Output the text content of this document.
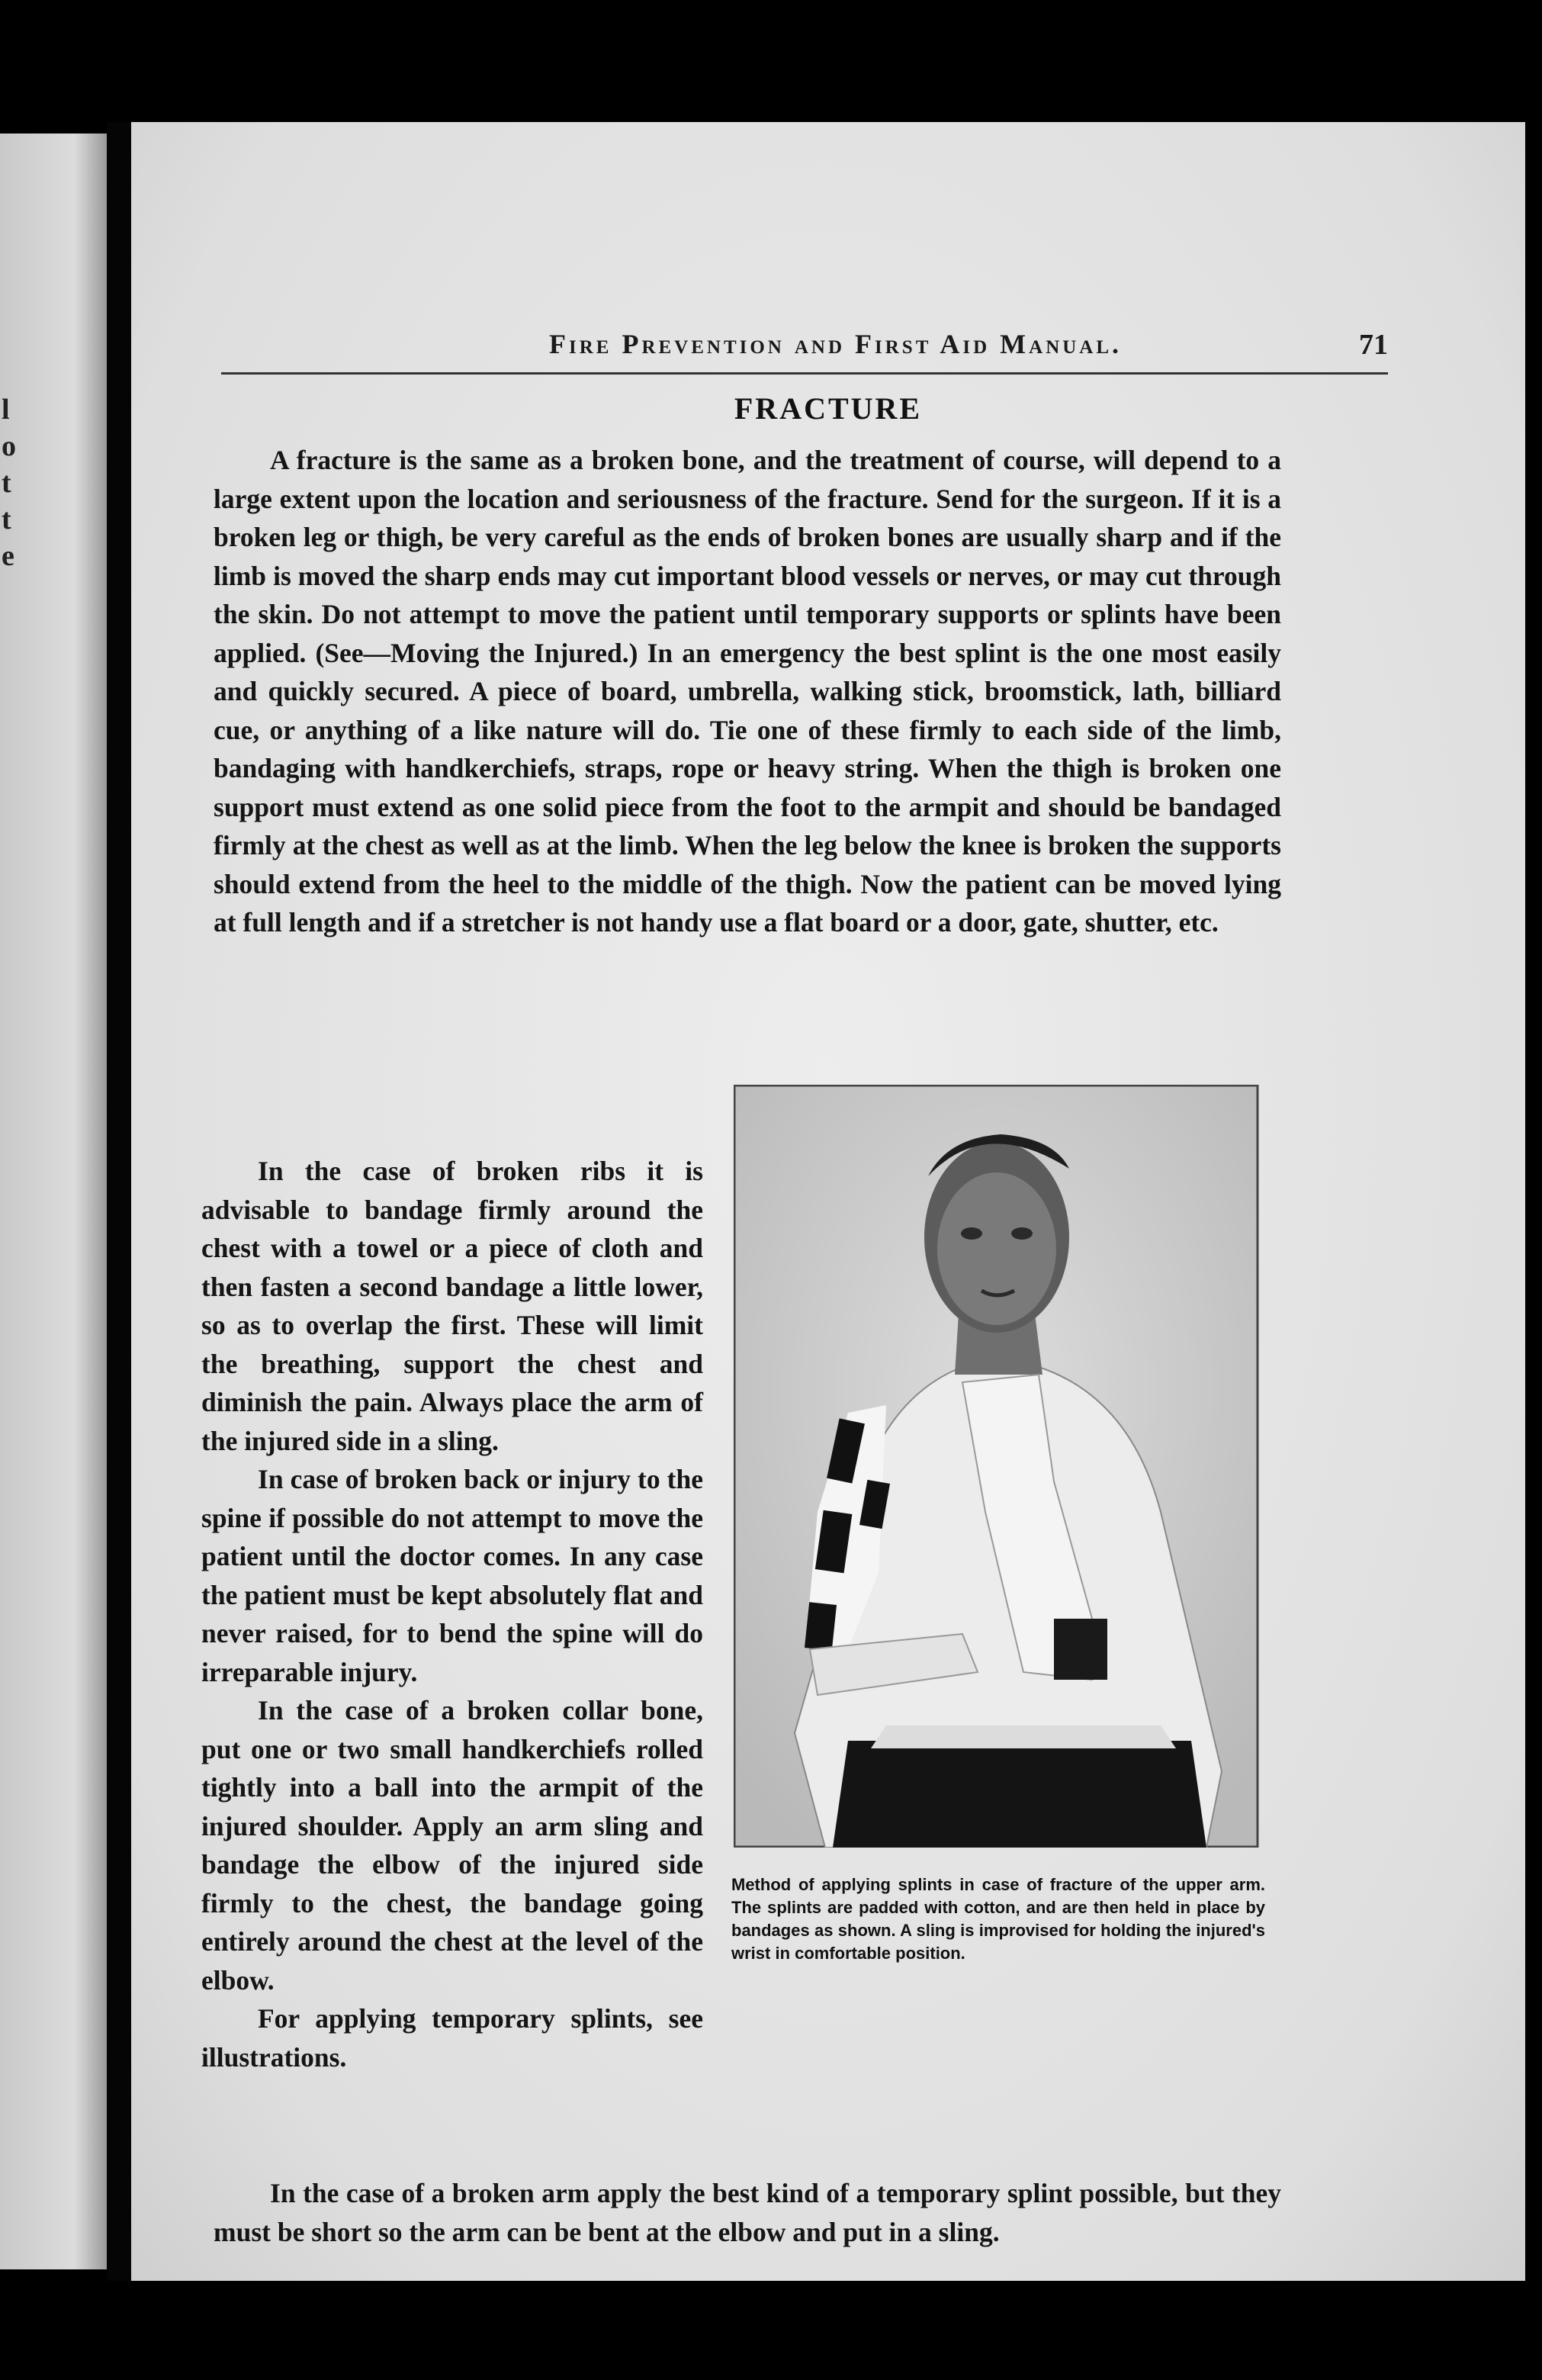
l
o
t
t
e
Fire Prevention and First Aid Manual.	71
FRACTURE

A fracture is the same as a broken bone, and the treatment of course, will depend to a large extent upon the location and seriousness of the fracture. Send for the surgeon. If it is a broken leg or thigh, be very careful as the ends of broken bones are usually sharp and if the limb is moved the sharp ends may cut important blood vessels or nerves, or may cut through the skin. Do not attempt to move the patient until temporary supports or splints have been applied. (See—Moving the Injured.) In an emergency the best splint is the one most easily and quickly secured. A piece of board, umbrella, walking stick, broomstick, lath, billiard cue, or anything of a like nature will do. Tie one of these firmly to each side of the limb, bandaging with handkerchiefs, straps, rope or heavy string. When the thigh is broken one support must extend as one solid piece from the foot to the armpit and should be bandaged firmly at the chest as well as at the limb. When the leg below the knee is broken the supports should extend from the heel to the middle of the thigh. Now the patient can be moved lying at full length and if a stretcher is not handy use a flat board or a door, gate, shutter, etc.

In the case of broken ribs it is advisable to bandage firmly around the chest with a towel or a piece of cloth and then fasten a second bandage a little lower, so as to overlap the first. These will limit the breathing, support the chest and diminish the pain. Always place the arm of the injured side in a sling.

In case of broken back or injury to the spine if possible do not attempt to move the patient until the doctor comes. In any case the patient must be kept absolutely flat and never raised, for to bend the spine will do irreparable injury.

In the case of a broken collar bone, put one or two small handkerchiefs rolled tightly into a ball into the armpit of the injured shoulder. Apply an arm sling and bandage the elbow of the injured side firmly to the chest, the bandage going entirely around the chest at the level of the elbow.

For applying temporary splints, see illustrations.

Method of applying splints in case of fracture of the upper arm. The splints are padded with cotton, and are then held in place by bandages as shown. A sling is improvised for holding the injured's wrist in comfortable position.

In the case of a broken arm apply the best kind of a temporary splint possible, but they must be short so the arm can be bent at the elbow and put in a sling.
